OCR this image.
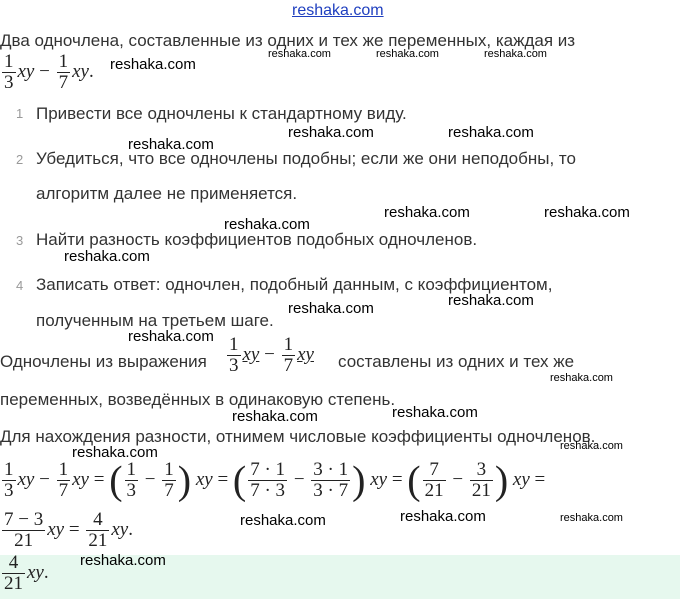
reshaka.com
Два одночлена, составленные из одних и тех же переменных, каждая из
$\frac{1}{3}$ xy − $\frac{1}{7}$ xy.
1 Привести все одночлены к стандартному виду.
2 Убедиться, что все одночлены подобны; если же они неподобны, то
алгоритм далее не применяется.
3 Найти разность коэффициентов подобных одночленов.
4 Записать ответ: одночлен, подобный данным, с коэффициентом,
полученным на третьем шаге.
Одночлены из выражения $\frac{1}{3}$ xy − $\frac{1}{7}$ xy составлены из одних и тех же
переменных, возведённых в одинаковую степень.
Для нахождения разности, отнимем числовые коэффициенты одночленов.
$\frac{1}{3}$ xy − $\frac{1}{7}$ xy = ( $\frac{1}{3} - \frac{1}{7}$ ) xy = ( $\frac{7 \cdot 1}{7 \cdot 3} - \frac{3 \cdot 1}{3 \cdot 7}$ ) xy = ( $\frac{7}{21} - \frac{3}{21}$ ) xy =
$\frac{7 - 3}{21}$ xy = $\frac{4}{21}$ xy.
$\frac{4}{21}$ xy.
reshaka.com
reshaka.com	reshaka.com	reshaka.com
reshaka.com
reshaka.com	reshaka.com
reshaka.com	reshaka.com
reshaka.com
reshaka.com
reshaka.com
reshaka.com
reshaka.com
reshaka.com
reshaka.com
reshaka.com
reshaka.com	reshaka.com
reshaka.com	reshaka.com
reshaka.com
reshaka.com
